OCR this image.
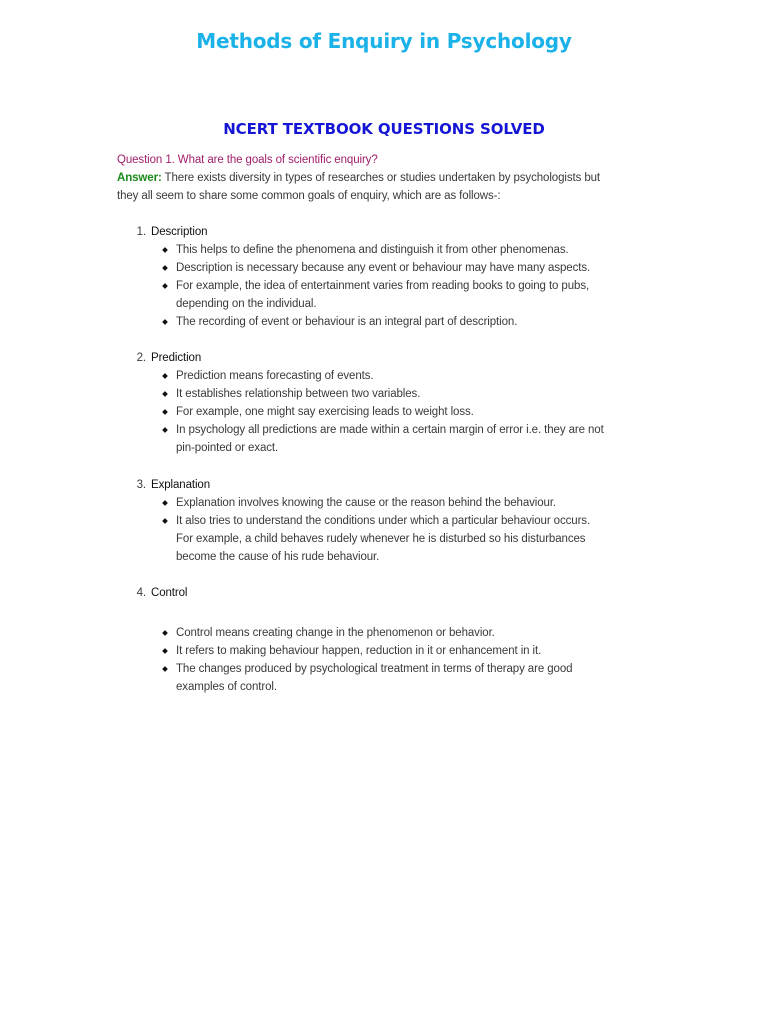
Methods of Enquiry in Psychology
NCERT TEXTBOOK QUESTIONS SOLVED

Question 1. What are the goals of scientific enquiry?

Answer: There exists diversity in types of researches or studies undertaken by psychologists but they all seem to share some common goals of enquiry, which are as follows-:

1. Description
This helps to define the phenomena and distinguish it from other phenomenas.
Description is necessary because any event or behaviour may have many aspects.
For example, the idea of entertainment varies from reading books to going to pubs, depending on the individual.
The recording of event or behaviour is an integral part of description.
2. Prediction
Prediction means forecasting of events.
It establishes relationship between two variables.
For example, one might say exercising leads to weight loss.
In psychology all predictions are made within a certain margin of error i.e. they are not pin-pointed or exact.
3. Explanation
Explanation involves knowing the cause or the reason behind the behaviour.
It also tries to understand the conditions under which a particular behaviour occurs. For example, a child behaves rudely whenever he is disturbed so his disturbances become the cause of his rude behaviour.
4. Control
Control means creating change in the phenomenon or behavior.
It refers to making behaviour happen, reduction in it or enhancement in it.
The changes produced by psychological treatment in terms of therapy are good examples of control.
